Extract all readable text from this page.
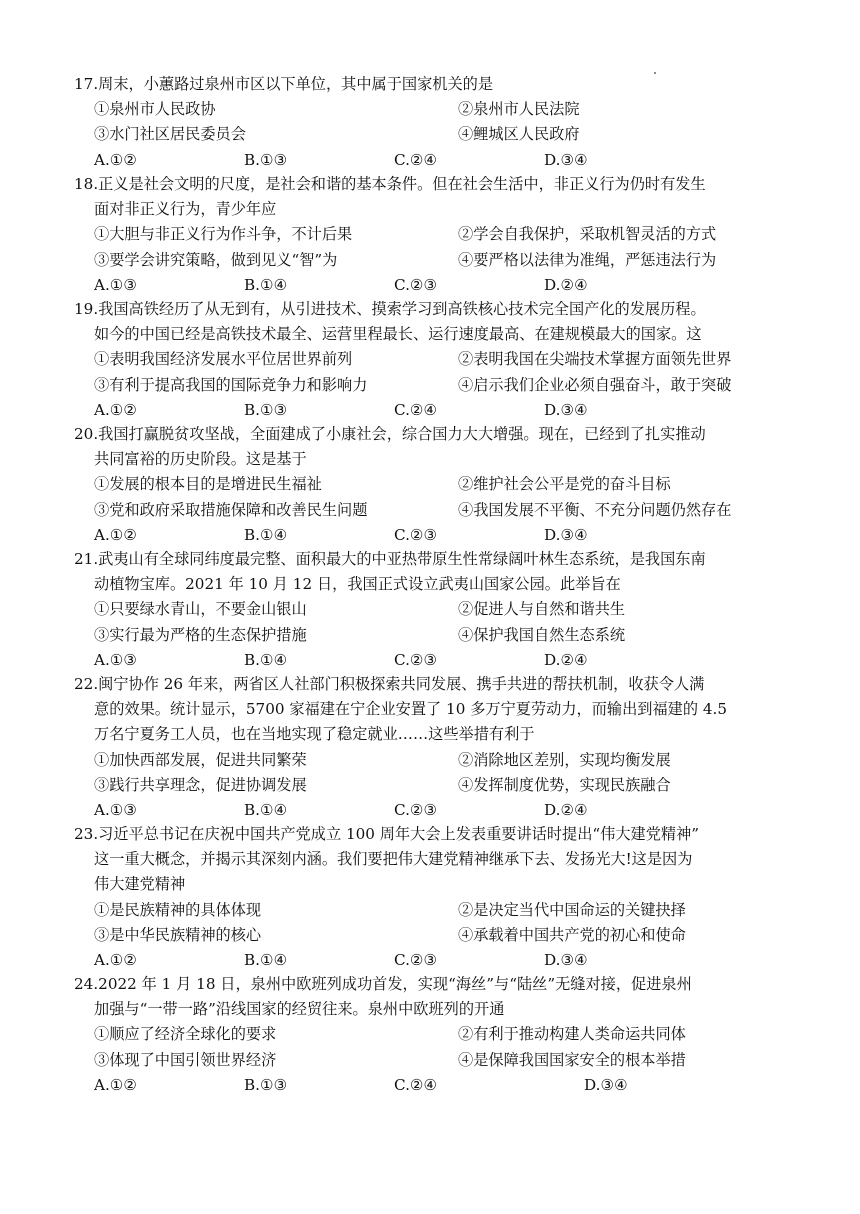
17.周末，小蕙路过泉州市区以下单位，其中属于国家机关的是
①泉州市人民政协	②泉州市人民法院
③水门社区居民委员会	④鲤城区人民政府
A.①②	B.①③	C.②④	D.③④
18.正义是社会文明的尺度，是社会和谐的基本条件。但在社会生活中，非正义行为仍时有发生
面对非正义行为，青少年应
①大胆与非正义行为作斗争，不计后果	②学会自我保护，采取机智灵活的方式
③要学会讲究策略，做到见义“智”为	④要严格以法律为准绳，严惩违法行为
A.①③	B.①④	C.②③	D.②④
19.我国高铁经历了从无到有，从引进技术、摸索学习到高铁核心技术完全国产化的发展历程。
如今的中国已经是高铁技术最全、运营里程最长、运行速度最高、在建规模最大的国家。这
①表明我国经济发展水平位居世界前列	②表明我国在尖端技术掌握方面领先世界
③有利于提高我国的国际竞争力和影响力	④启示我们企业必须自强奋斗，敢于突破
A.①②	B.①③	C.②④	D.③④
20.我国打赢脱贫攻坚战，全面建成了小康社会，综合国力大大增强。现在，已经到了扎实推动
共同富裕的历史阶段。这是基于
①发展的根本目的是增进民生福祉	②维护社会公平是党的奋斗目标
③党和政府采取措施保障和改善民生问题	④我国发展不平衡、不充分问题仍然存在
A.①②	B.①④	C.②③	D.③④
21.武夷山有全球同纬度最完整、面积最大的中亚热带原生性常绿阔叶林生态系统，是我国东南
动植物宝库。2021 年 10 月 12 日，我国正式设立武夷山国家公园。此举旨在
①只要绿水青山，不要金山银山	②促进人与自然和谐共生
③实行最为严格的生态保护措施	④保护我国自然生态系统
A.①③	B.①④	C.②③	D.②④
22.闽宁协作 26 年来，两省区人社部门积极探索共同发展、携手共进的帮扶机制，收获令人满
意的效果。统计显示，5700 家福建在宁企业安置了 10 多万宁夏劳动力，而输出到福建的 4.5
万名宁夏务工人员，也在当地实现了稳定就业……这些举措有利于
①加快西部发展，促进共同繁荣	②消除地区差别，实现均衡发展
③践行共享理念，促进协调发展	④发挥制度优势，实现民族融合
A.①③	B.①④	C.②③	D.②④
23.习近平总书记在庆祝中国共产党成立 100 周年大会上发表重要讲话时提出“伟大建党精神”
这一重大概念，并揭示其深刻内涵。我们要把伟大建党精神继承下去、发扬光大!这是因为
伟大建党精神
①是民族精神的具体体现	②是决定当代中国命运的关键抉择
③是中华民族精神的核心	④承载着中国共产党的初心和使命
A.①②	B.①④	C.②③	D.③④
24.2022 年 1 月 18 日，泉州中欧班列成功首发，实现“海丝”与“陆丝”无缝对接，促进泉州
加强与“一带一路”沿线国家的经贸往来。泉州中欧班列的开通
①顺应了经济全球化的要求	②有利于推动构建人类命运共同体
③体现了中国引领世界经济	④是保障我国国家安全的根本举措
A.①②	B.①③	C.②④	D.③④
